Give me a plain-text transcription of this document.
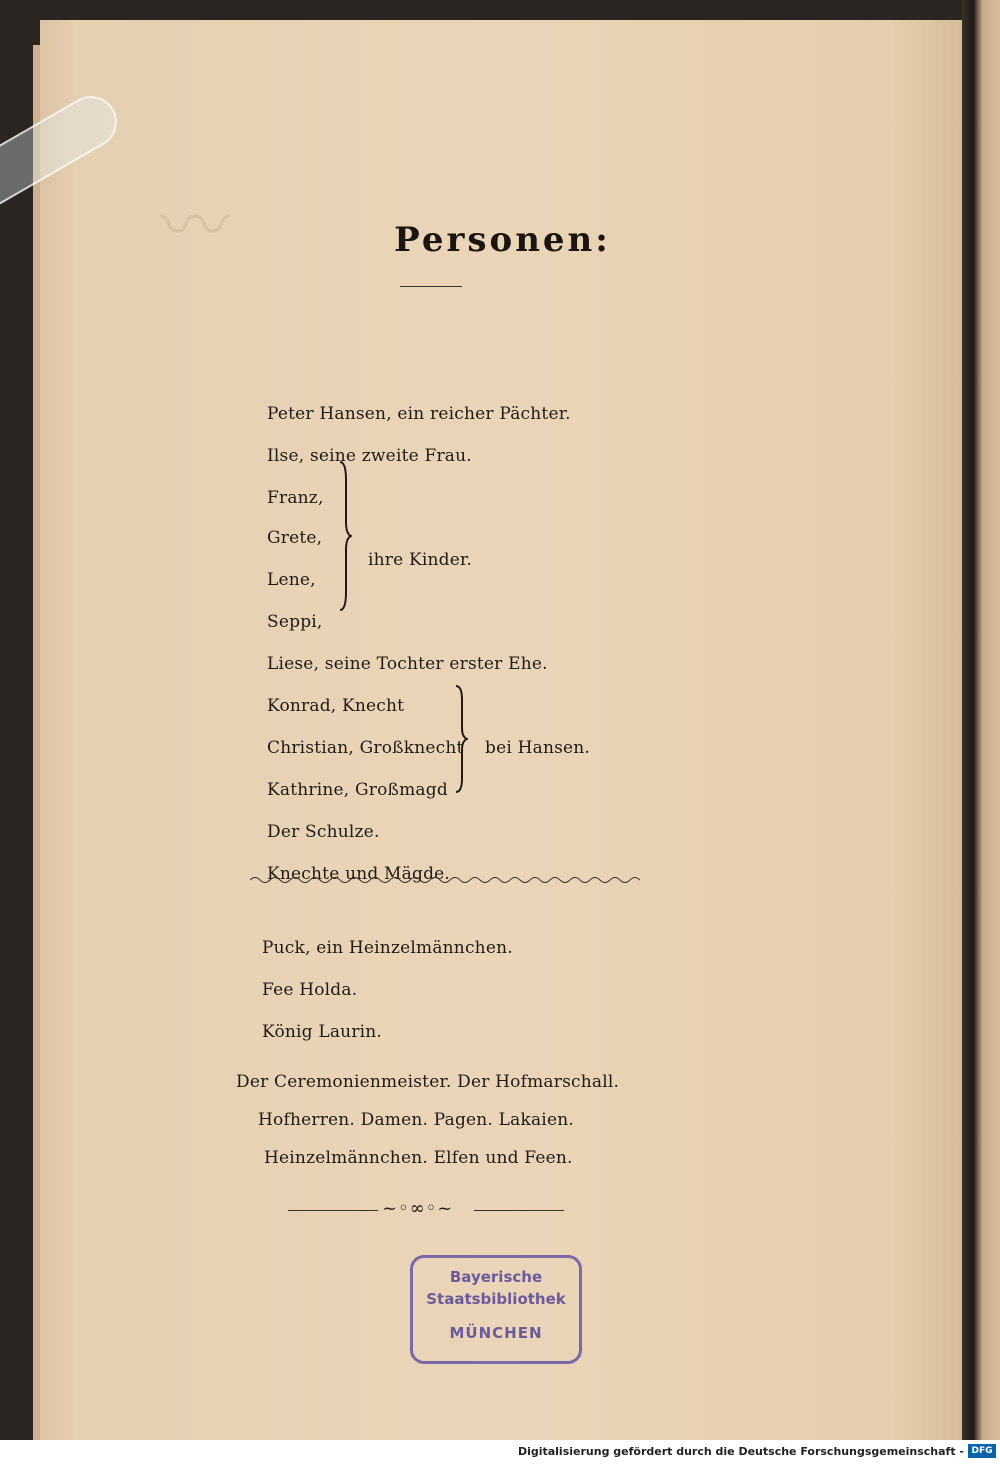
〰	Personen:
Peter Hansen, ein reicher Pächter.
Ilse, seine zweite Frau.
Franz,
Grete,
Lene,
Seppi,
ihre Kinder.
Liese, seine Tochter erster Ehe.
Konrad, Knecht
Christian, Großknecht
Kathrine, Großmagd
bei Hansen.
Der Schulze.
Knechte und Mägde.
Puck, ein Heinzelmännchen.
Fee Holda.
König Laurin.
Der Ceremonienmeister. Der Hofmarschall.
Hofherren. Damen. Pagen. Lakaien.
Heinzelmännchen. Elfen und Feen.
~◦∞◦~
Bayerische
Staatsbibliothek
MÜNCHEN
Digitalisierung gefördert durch die Deutsche Forschungsgemeinschaft - DFG
